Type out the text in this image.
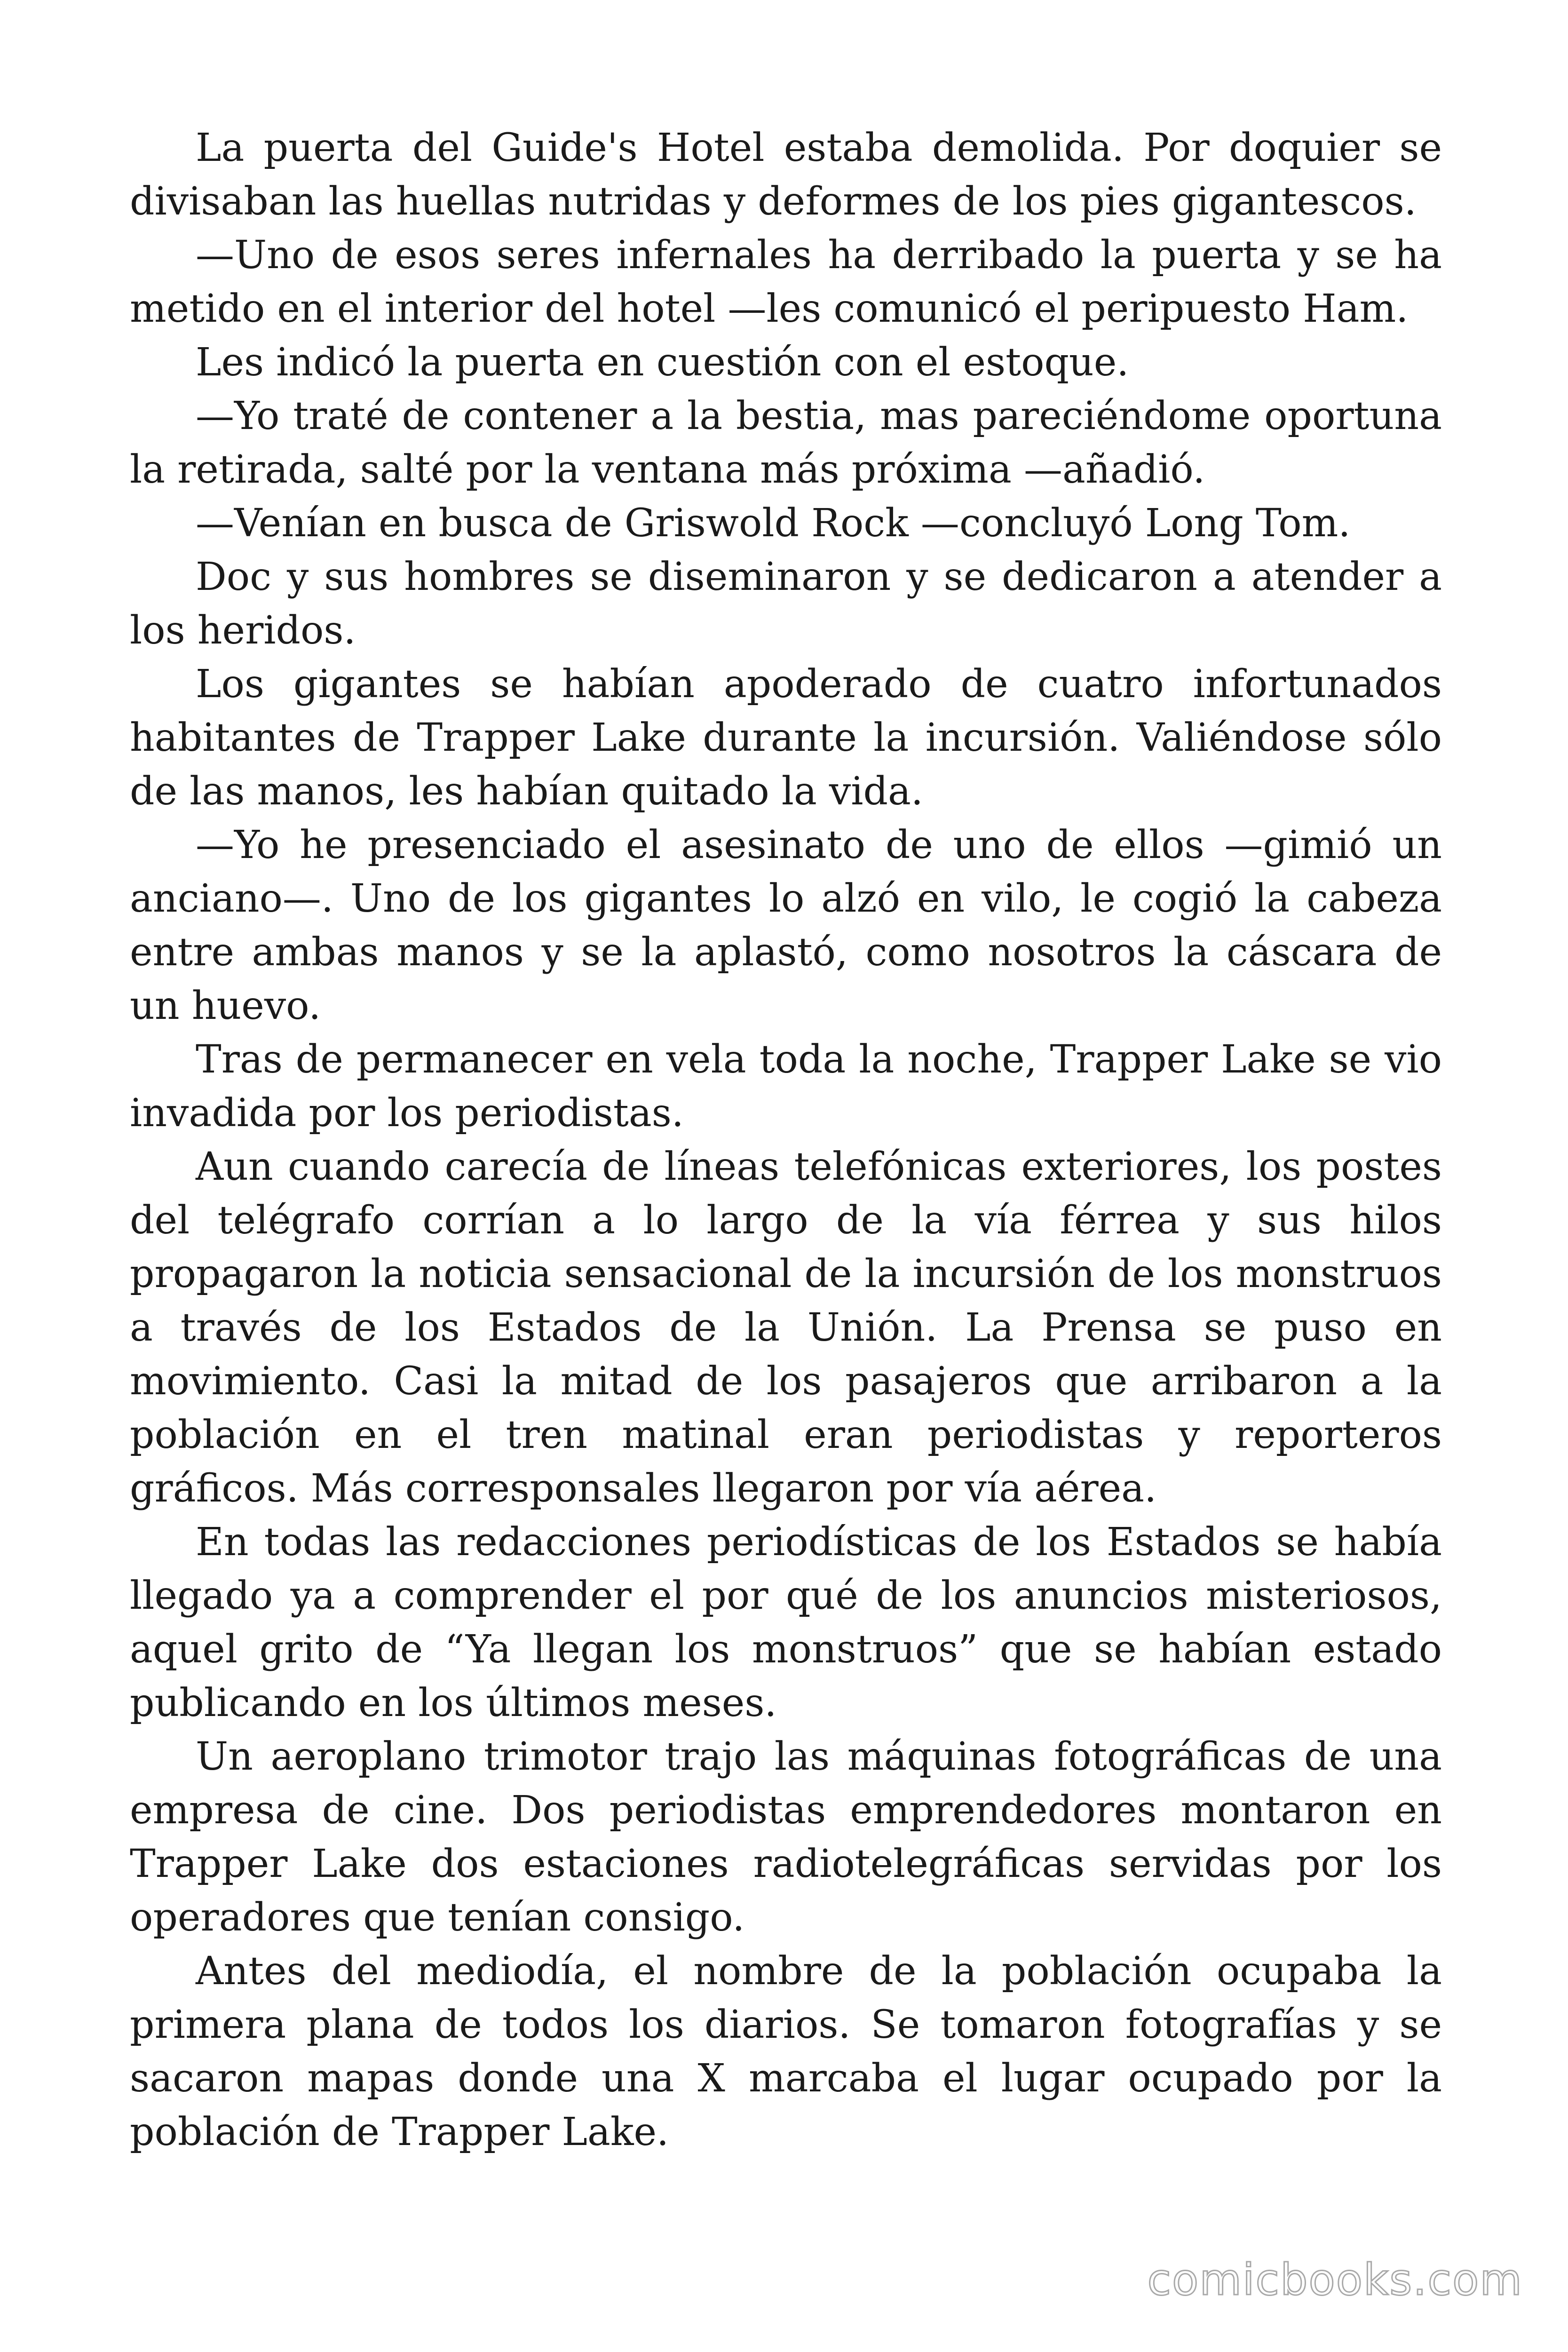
La puerta del Guide's Hotel estaba demolida. Por doquier se divisaban las huellas nutridas y deformes de los pies gigantescos.

—Uno de esos seres infernales ha derribado la puerta y se ha metido en el interior del hotel —les comunicó el peripuesto Ham.

Les indicó la puerta en cuestión con el estoque.

—Yo traté de contener a la bestia, mas pareciéndome oportuna la retirada, salté por la ventana más próxima —añadió.

—Venían en busca de Griswold Rock —concluyó Long Tom.

Doc y sus hombres se diseminaron y se dedicaron a atender a los heridos.

Los gigantes se habían apoderado de cuatro infortunados habitantes de Trapper Lake durante la incursión. Valiéndose sólo de las manos, les habían quitado la vida.

—Yo he presenciado el asesinato de uno de ellos —gimió un anciano—. Uno de los gigantes lo alzó en vilo, le cogió la cabeza entre ambas manos y se la aplastó, como nosotros la cáscara de un huevo.

Tras de permanecer en vela toda la noche, Trapper Lake se vio invadida por los periodistas.

Aun cuando carecía de líneas telefónicas exteriores, los postes del telégrafo corrían a lo largo de la vía férrea y sus hilos propagaron la noticia sensacional de la incursión de los monstruos a través de los Estados de la Unión. La Prensa se puso en movimiento. Casi la mitad de los pasajeros que arribaron a la población en el tren matinal eran periodistas y reporteros gráficos. Más corresponsales llegaron por vía aérea.

En todas las redacciones periodísticas de los Estados se había llegado ya a comprender el por qué de los anuncios misteriosos, aquel grito de “Ya llegan los monstruos” que se habían estado publicando en los últimos meses.

Un aeroplano trimotor trajo las máquinas fotográficas de una empresa de cine. Dos periodistas emprendedores montaron en Trapper Lake dos estaciones radiotelegráficas servidas por los operadores que tenían consigo.

Antes del mediodía, el nombre de la población ocupaba la primera plana de todos los diarios. Se tomaron fotografías y se sacaron mapas donde una X marcaba el lugar ocupado por la población de Trapper Lake.

comicbooks.com
